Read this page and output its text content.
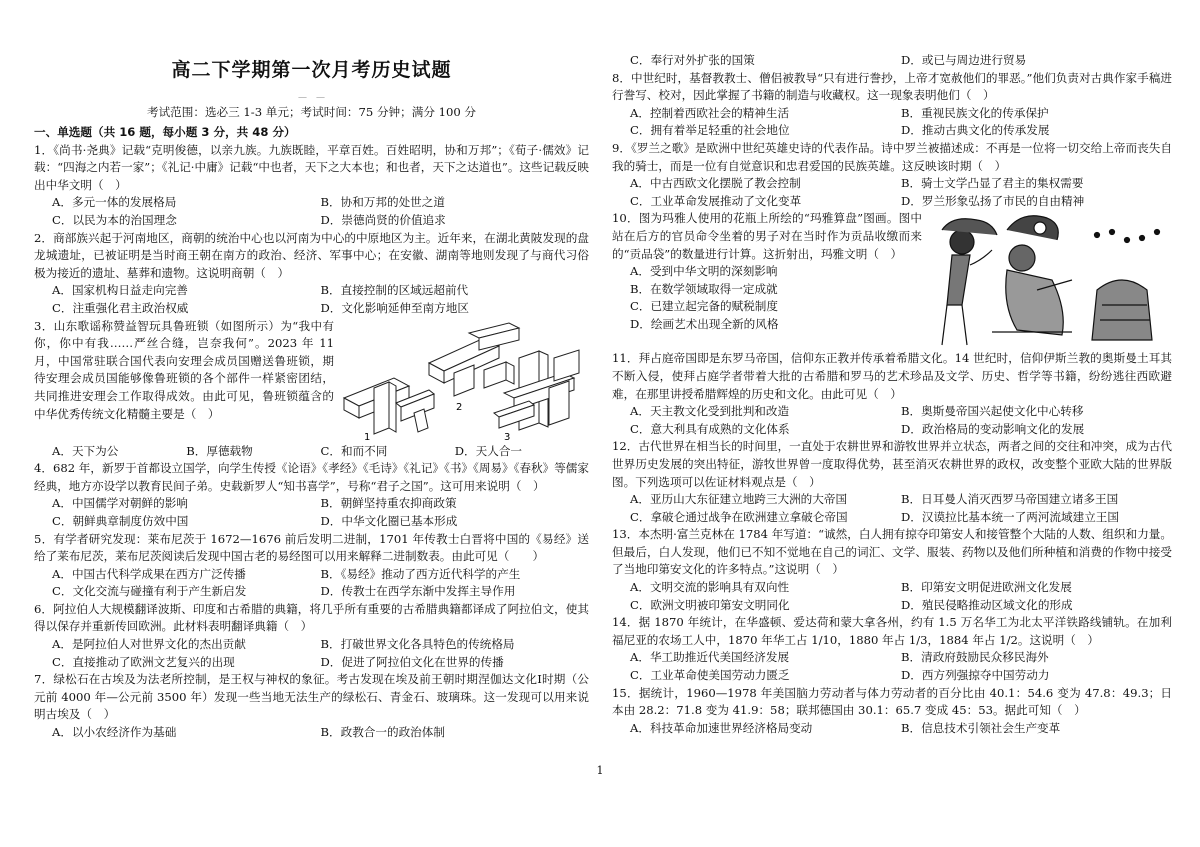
高二下学期第一次月考历史试题
—　—
考试范围：选必三 1-3 单元；考试时间：75 分钟；满分 100 分
一、单选题（共 16 题，每小题 3 分，共 48 分）

1．《尚书·尧典》记载“克明俊德，以亲九族。九族既睦，平章百姓。百姓昭明，协和万邦”；《荀子·儒效》记载：“四海之内若一家”；《礼记·中庸》记载“中也者，天下之大本也；和也者，天下之达道也”。这些记载反映出中华文明（　）

A．多元一体的发展格局	B．协和万邦的处世之道
C．以民为本的治国理念	D．崇德尚贤的价值追求

2．商部族兴起于河南地区，商朝的统治中心也以河南为中心的中原地区为主。近年来，在湖北黄陂发现的盘龙城遗址，已被证明是当时商王朝在南方的政治、经济、军事中心；在安徽、湖南等地则发现了与商代习俗极为接近的遗址、墓葬和遗物。这说明商朝（　）

A．国家机构日益走向完善	B．直接控制的区域远超前代
C．注重强化君主政治权威	D．文化影响延伸至南方地区

3．山东歌谣称赞益智玩具鲁班锁（如图所示）为“我中有你，你中有我……严丝合缝，岂奈我何”。2023 年 11 月，中国常驻联合国代表向安理会成员国赠送鲁班锁，期待安理会成员国能够像鲁班锁的各个部件一样紧密团结，共同推进安理会工作取得成效。由此可见，鲁班锁蕴含的中华优秀传统文化精髓主要是（　）

1
2
3
A．天下为公	B．厚德载物	C．和而不同	D．天人合一

4．682 年，新罗于首都设立国学，向学生传授《论语》《孝经》《毛诗》《礼记》《书》《周易》《春秋》等儒家经典，地方亦设学以教育民间子弟。史载新罗人“知书喜学”，号称“君子之国”。这可用来说明（　）

A．中国儒学对朝鲜的影响	B．朝鲜坚持重农抑商政策
C．朝鲜典章制度仿效中国	D．中华文化圈已基本形成

5．有学者研究发现：莱布尼茨于 1672—1676 前后发明二进制，1701 年传教士白晋将中国的《易经》送给了莱布尼茨，莱布尼茨阅读后发现中国古老的易经图可以用来解释二进制数表。由此可见（　　）

A．中国古代科学成果在西方广泛传播	B．《易经》推动了西方近代科学的产生
C．文化交流与碰撞有利于产生新启发	D．传教士在西学东渐中发挥主导作用

6．阿拉伯人大规模翻译波斯、印度和古希腊的典籍，将几乎所有重要的古希腊典籍都译成了阿拉伯文，使其得以保存并重新传回欧洲。此材料表明翻译典籍（　）

A．是阿拉伯人对世界文化的杰出贡献	B．打破世界文化各具特色的传统格局
C．直接推动了欧洲文艺复兴的出现	D．促进了阿拉伯文化在世界的传播

7．绿松石在古埃及为法老所控制，是王权与神权的象征。考古发现在埃及前王朝时期涅伽达文化Ⅰ时期（公元前 4000 年—公元前 3500 年）发现一些当地无法生产的绿松石、青金石、玻璃珠。这一发现可以用来说明古埃及（　）

A．以小农经济作为基础	B．政教合一的政治体制
C．奉行对外扩张的国策	D．或已与周边进行贸易

8．中世纪时，基督教教士、僧侣被教导“只有进行誊抄，上帝才宽赦他们的罪恶。”他们负责对古典作家手稿进行誊写、校对，因此掌握了书籍的制造与收藏权。这一现象表明他们（　）

A．控制着西欧社会的精神生活	B．重视民族文化的传承保护
C．拥有着举足轻重的社会地位	D．推动古典文化的传承发展

9．《罗兰之歌》是欧洲中世纪英雄史诗的代表作品。诗中罗兰被描述成：不再是一位将一切交给上帝而丧失自我的骑士，而是一位有自觉意识和忠君爱国的民族英雄。这反映该时期（　）

A．中古西欧文化摆脱了教会控制	B．骑士文学凸显了君主的集权需要
C．工业革命发展推动了文化变革	D．罗兰形象弘扬了市民的自由精神

10．图为玛雅人使用的花瓶上所绘的“玛雅算盘”图画。图中站在后方的官员命令坐着的男子对在当时作为贡品收缴而来的“贡品袋”的数量进行计算。这折射出，玛雅文明（　）

A．受到中华文明的深刻影响
B．在数学领域取得一定成就
C．已建立起完备的赋税制度
D．绘画艺术出现全新的风格

11．拜占庭帝国即是东罗马帝国，信仰东正教并传承着希腊文化。14 世纪时，信仰伊斯兰教的奥斯曼土耳其不断入侵，使拜占庭学者带着大批的古希腊和罗马的艺术珍品及文学、历史、哲学等书籍，纷纷逃往西欧避难，在那里讲授希腊辉煌的历史和文化。由此可见（　）

A．天主教文化受到批判和改造	B．奥斯曼帝国兴起使文化中心转移
C．意大利具有成熟的文化体系	D．政治格局的变动影响文化的发展

12．古代世界在相当长的时间里，一直处于农耕世界和游牧世界并立状态，两者之间的交往和冲突，成为古代世界历史发展的突出特征，游牧世界曾一度取得优势，甚至消灭农耕世界的政权，改变整个亚欧大陆的世界版图。下列选项可以佐证材料观点是（　）

A．亚历山大东征建立地跨三大洲的大帝国	B．日耳曼人消灭西罗马帝国建立诸多王国
C．拿破仑通过战争在欧洲建立拿破仑帝国	D．汉谟拉比基本统一了两河流域建立王国

13．本杰明·富兰克林在 1784 年写道：“诚然，白人拥有掠夺印第安人和接管整个大陆的人数、组织和力量。但最后，白人发现，他们已不知不觉地在自己的词汇、文学、服装、药物以及他们所种植和消费的作物中接受了当地印第安文化的许多特点。”这说明（　）

A．文明交流的影响具有双向性	B．印第安文明促进欧洲文化发展
C．欧洲文明被印第安文明同化	D．殖民侵略推动区域文化的形成

14．据 1870 年统计，在华盛顿、爱达荷和蒙大拿各州，约有 1.5 万名华工为北太平洋铁路线铺轨。在加利福尼亚的农场工人中，1870 年华工占 1/10，1880 年占 1/3，1884 年占 1/2。这说明（　）

A．华工助推近代美国经济发展	B．清政府鼓励民众移民海外
C．工业革命使美国劳动力匮乏	D．西方列强掠夺中国劳动力

15．据统计，1960—1978 年美国脑力劳动者与体力劳动者的百分比由 40.1：54.6 变为 47.8：49.3；日本由 28.2：71.8 变为 41.9：58；联邦德国由 30.1：65.7 变成 45：53。据此可知（　）

A．科技革命加速世界经济格局变动	B．信息技术引领社会生产变革
1
